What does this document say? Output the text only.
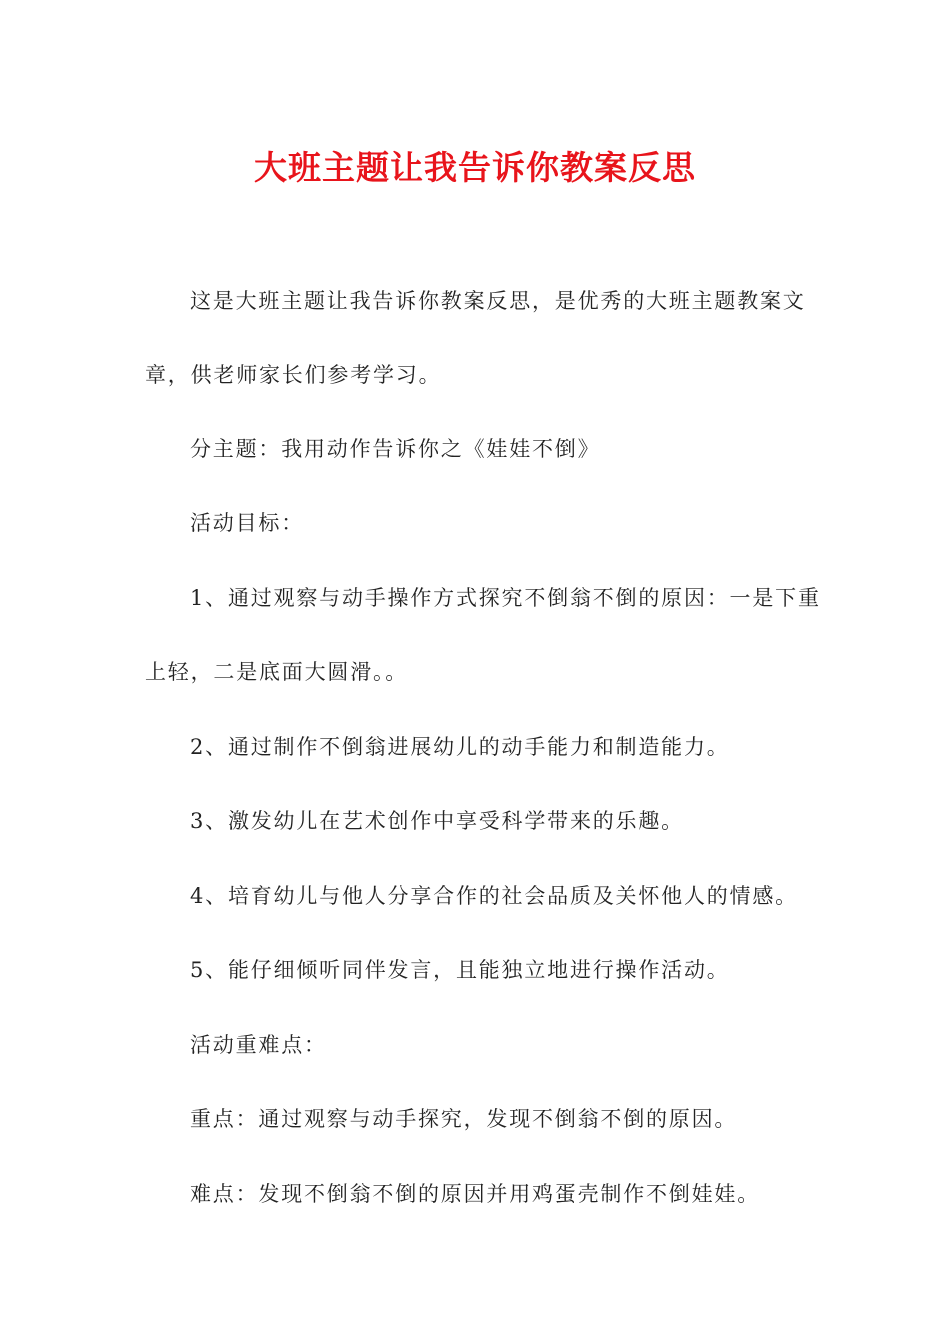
大班主题让我告诉你教案反思
这是大班主题让我告诉你教案反思，是优秀的大班主题教案文
章，供老师家长们参考学习。
分主题：我用动作告诉你之《娃娃不倒》
活动目标：
1、通过观察与动手操作方式探究不倒翁不倒的原因：一是下重
上轻，二是底面大圆滑。。
2、通过制作不倒翁进展幼儿的动手能力和制造能力。
3、激发幼儿在艺术创作中享受科学带来的乐趣。
4、培育幼儿与他人分享合作的社会品质及关怀他人的情感。
5、能仔细倾听同伴发言，且能独立地进行操作活动。
活动重难点：
重点：通过观察与动手探究，发现不倒翁不倒的原因。
难点：发现不倒翁不倒的原因并用鸡蛋壳制作不倒娃娃。
